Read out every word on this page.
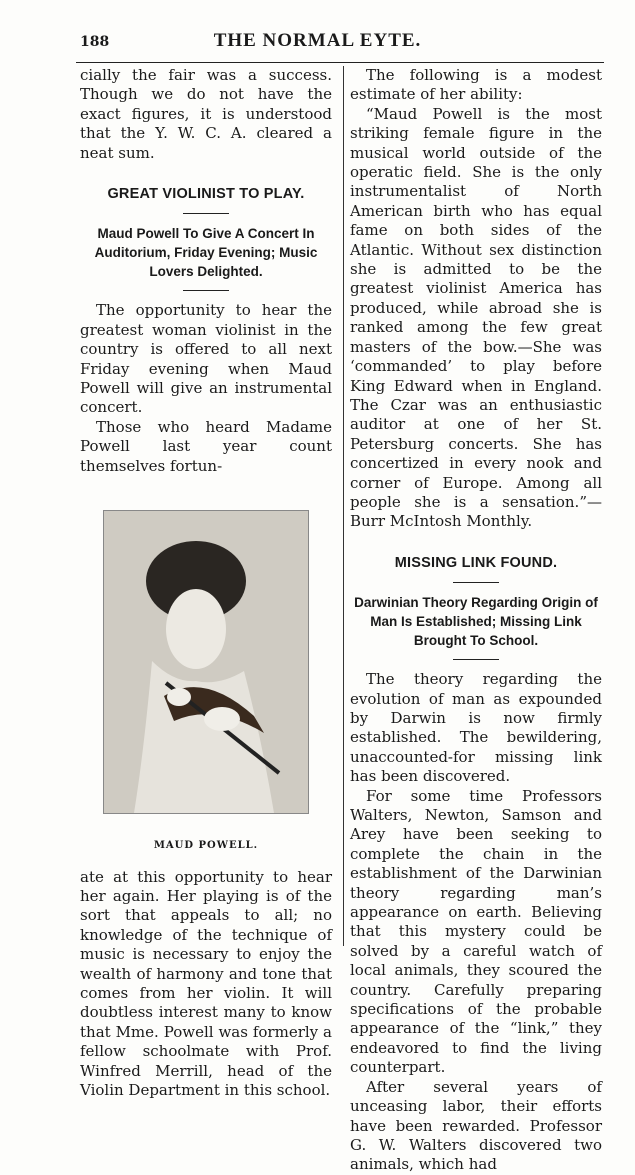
188	THE NORMAL EYTE.

cially the fair was a success. Though we do not have the exact figures, it is understood that the Y. W. C. A. cleared a neat sum.

GREAT VIOLINIST TO PLAY.
Maud Powell To Give A Concert In Auditorium, Friday Evening; Music Lovers Delighted.

The opportunity to hear the greatest woman violinist in the country is offered to all next Friday evening when Maud Powell will give an instrumental concert.

Those who heard Madame Powell last year count themselves fortun-

MAUD POWELL.

ate at this opportunity to hear her again. Her playing is of the sort that appeals to all; no knowledge of the technique of music is necessary to enjoy the wealth of harmony and tone that comes from her violin. It will doubtless interest many to know that Mme. Powell was formerly a fellow schoolmate with Prof. Winfred Merrill, head of the Violin Department in this school.

The following is a modest estimate of her ability:

“Maud Powell is the most striking female figure in the musical world outside of the operatic field. She is the only instrumentalist of North American birth who has equal fame on both sides of the Atlantic. Without sex distinction she is admitted to be the greatest violinist America has produced, while abroad she is ranked among the few great masters of the bow.—She was ‘commanded’ to play before King Edward when in England. The Czar was an enthusiastic auditor at one of her St. Petersburg concerts. She has concertized in every nook and corner of Europe. Among all people she is a sensation.”—Burr McIntosh Monthly.

MISSING LINK FOUND.
Darwinian Theory Regarding Origin of Man Is Established; Missing Link Brought To School.

The theory regarding the evolution of man as expounded by Darwin is now firmly established. The bewildering, unaccounted-for missing link has been discovered.

For some time Professors Walters, Newton, Samson and Arey have been seeking to complete the chain in the establishment of the Darwinian theory regarding man’s appearance on earth. Believing that this mystery could be solved by a careful watch of local animals, they scoured the country. Carefully preparing specifications of the probable appearance of the “link,” they endeavored to find the living counterpart.

After several years of unceasing labor, their efforts have been rewarded. Professor G. W. Walters discovered two animals, which had
